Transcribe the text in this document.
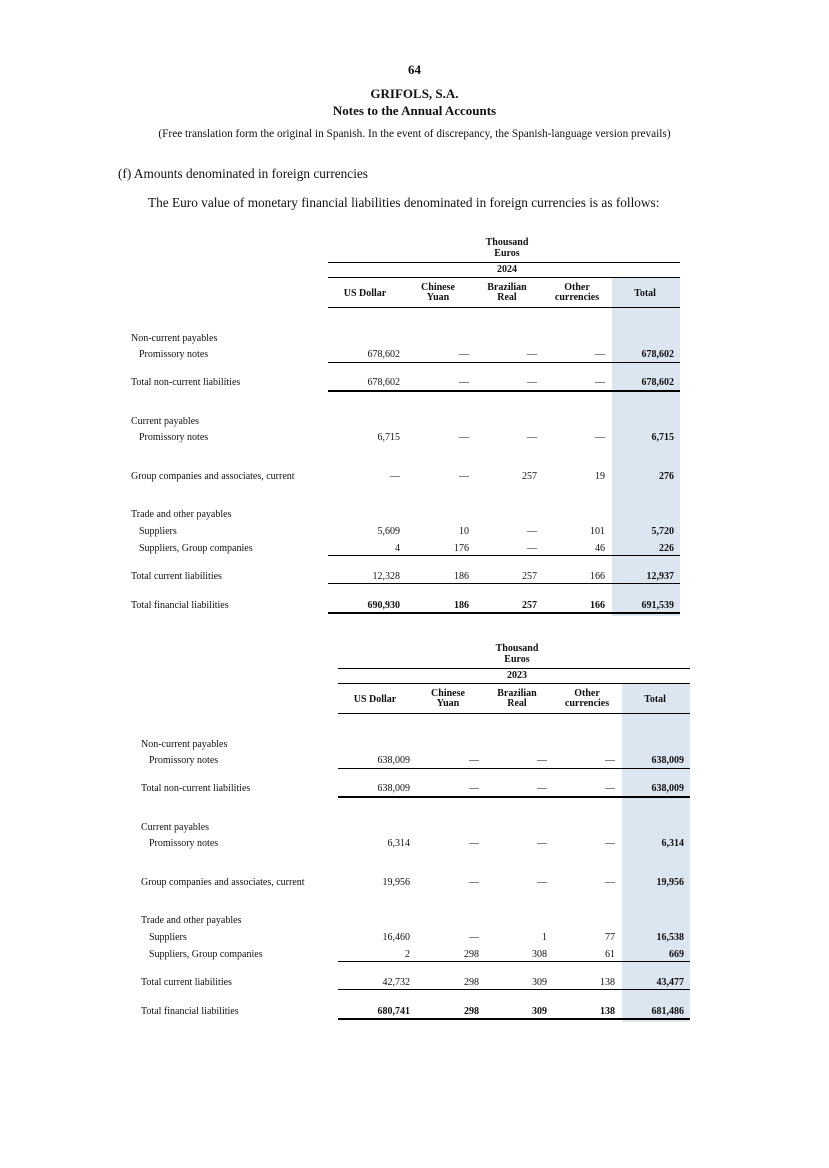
64
GRIFOLS, S.A.
Notes to the Annual Accounts
(Free translation form the original in Spanish. In the event of discrepancy, the Spanish-language version prevails)
(f) Amounts denominated in foreign currencies
The Euro value of monetary financial liabilities denominated in foreign currencies is as follows:
Thousand
Euros
2024
US Dollar
Chinese
Yuan
Brazilian
Real
Other
currencies	Total
Non-current payables
Promissory notes	678,602	—	—	—	678,602
Total non-current liabilities	678,602	—	—	—	678,602
Current payables
Promissory notes	6,715	—	—	—	6,715
Group companies and associates, current	—	—	257	19	276
Trade and other payables
Suppliers	5,609	10	—	101	5,720
Suppliers, Group companies	4	176	—	46	226
Total current liabilities	12,328	186	257	166	12,937
Total financial liabilities	690,930	186	257	166	691,539
Thousand
Euros
2023
US Dollar
Chinese
Yuan
Brazilian
Real
Other
currencies	Total
Non-current payables
Promissory notes	638,009	—	—	—	638,009
Total non-current liabilities	638,009	—	—	—	638,009
Current payables
Promissory notes	6,314	—	—	—	6,314
Group companies and associates, current	19,956	—	—	—	19,956
Trade and other payables
Suppliers	16,460	—	1	77	16,538
Suppliers, Group companies	2	298	308	61	669
Total current liabilities	42,732	298	309	138	43,477
Total financial liabilities	680,741	298	309	138	681,486
